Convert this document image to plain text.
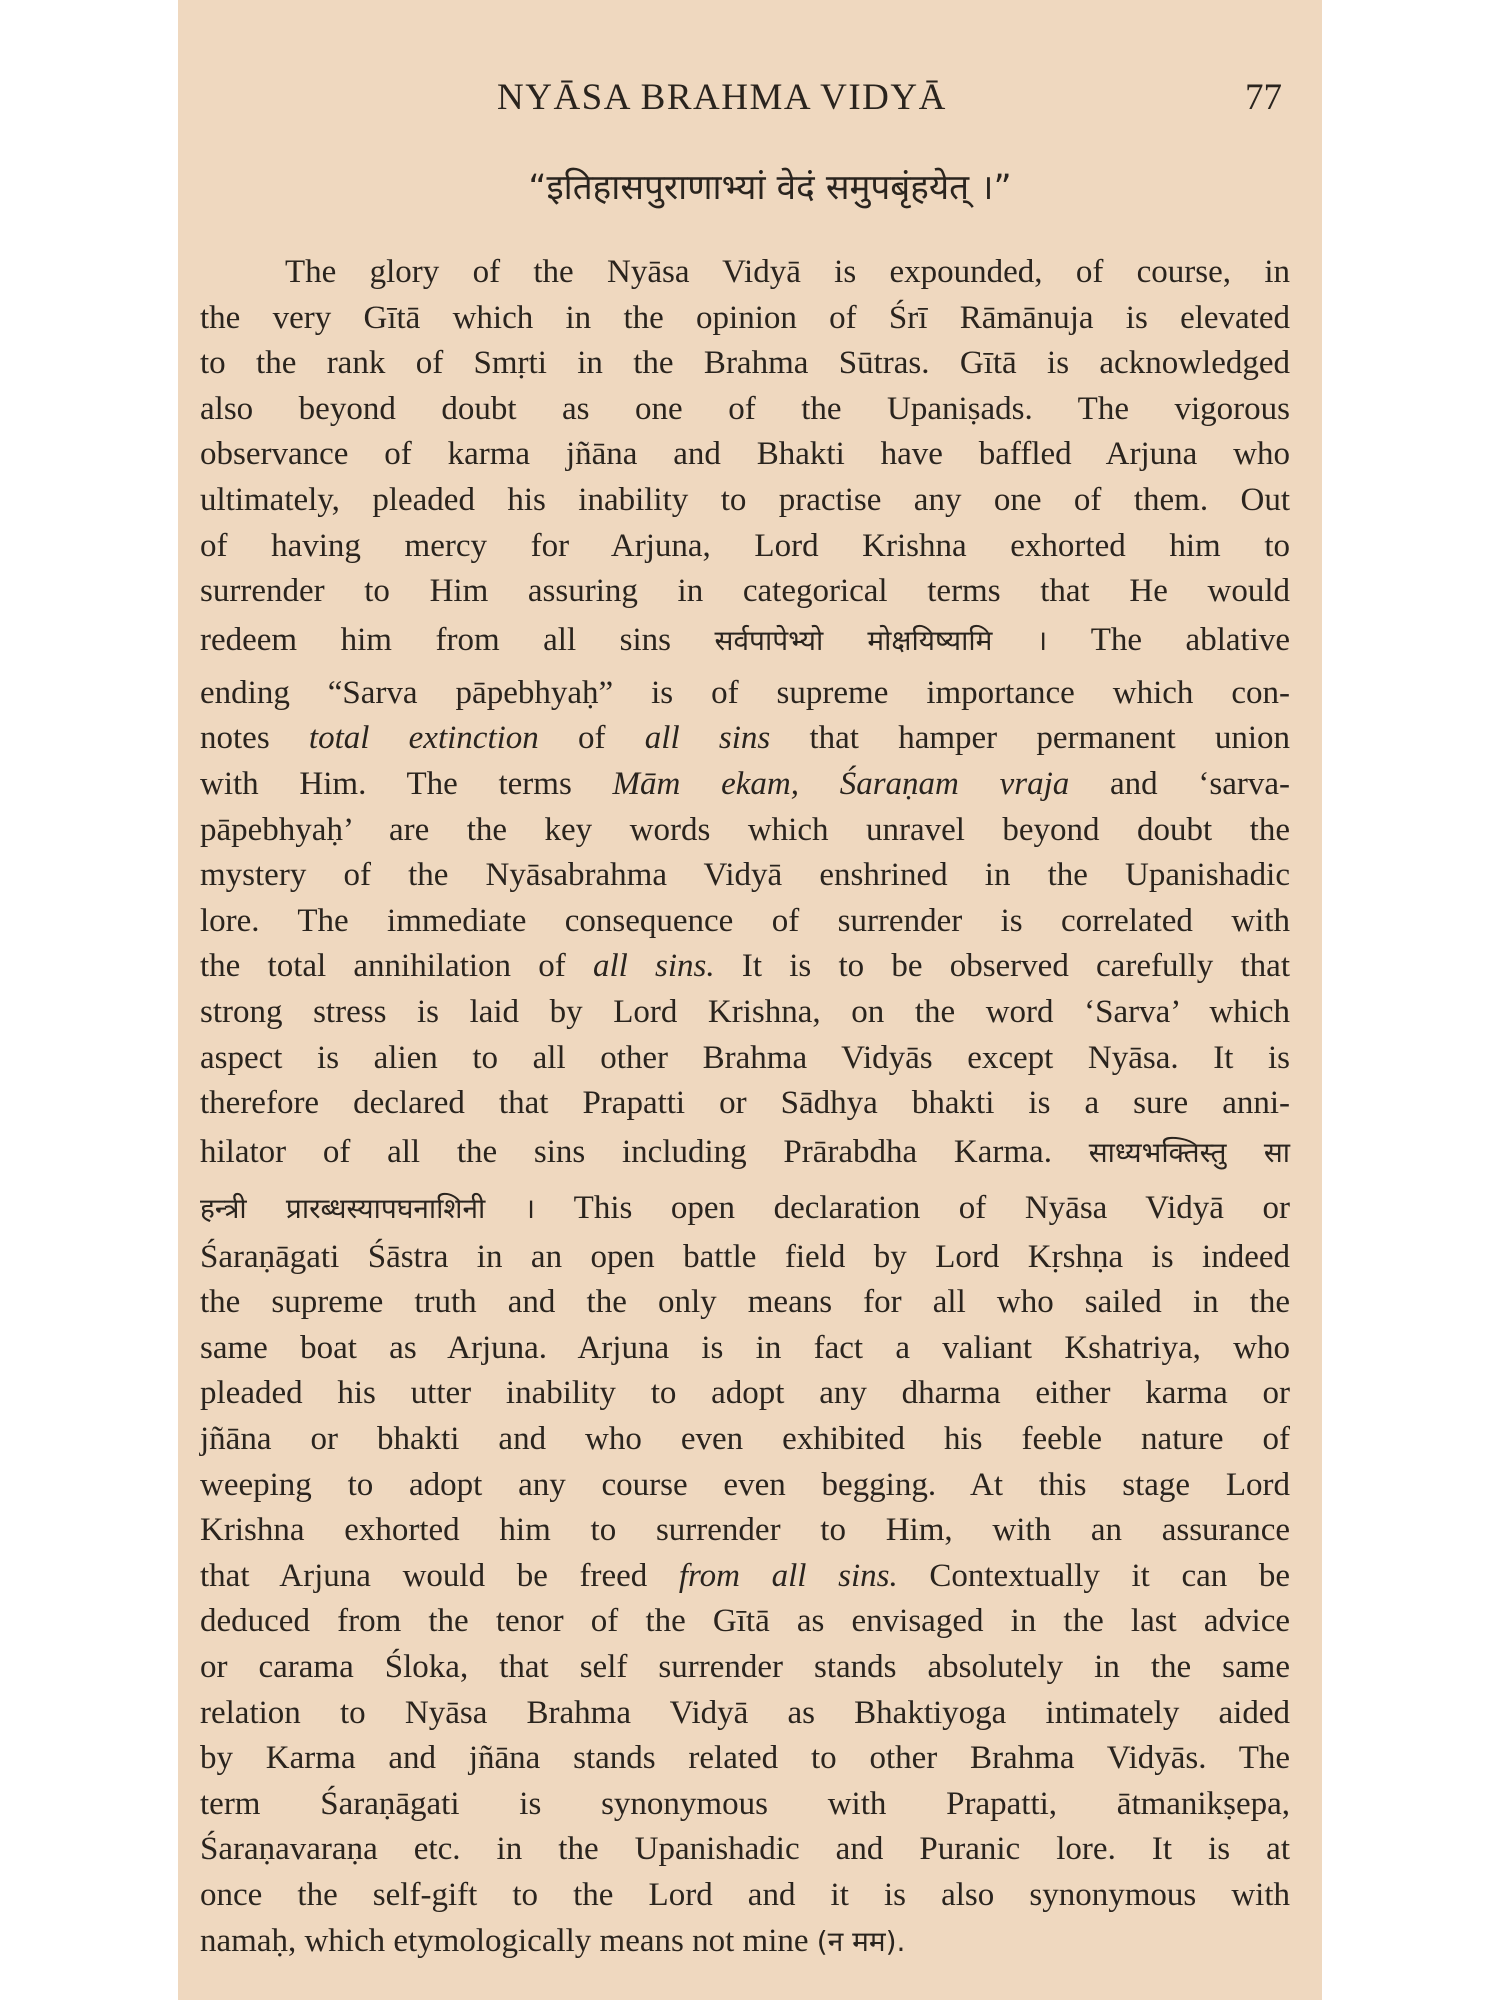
NYĀSA BRAHMA VIDYĀ	77
“इतिहासपुराणाभ्यां वेदं समुपबृंहयेत् ।”
The glory of the Nyāsa Vidyā is expounded, of course, in
the very Gītā which in the opinion of Śrī Rāmānuja is elevated
to the rank of Smṛti in the Brahma Sūtras. Gītā is acknowledged
also beyond doubt as one of the Upaniṣads. The vigorous
observance of karma jñāna and Bhakti have baffled Arjuna who
ultimately, pleaded his inability to practise any one of them. Out
of having mercy for Arjuna, Lord Krishna exhorted him to
surrender to Him assuring in categorical terms that He would
redeem him from all sins सर्वपापेभ्यो मोक्षयिष्यामि । The ablative
ending “Sarva pāpebhyaḥ” is of supreme importance which con-
notes total extinction of all sins that hamper permanent union
with Him. The terms Mām ekam, Śaraṇam vraja and ‘sarva-
pāpebhyaḥ’ are the key words which unravel beyond doubt the
mystery of the Nyāsabrahma Vidyā enshrined in the Upanishadic
lore. The immediate consequence of surrender is correlated with
the total annihilation of all sins. It is to be observed carefully that
strong stress is laid by Lord Krishna, on the word ‘Sarva’ which
aspect is alien to all other Brahma Vidyās except Nyāsa. It is
therefore declared that Prapatti or Sādhya bhakti is a sure anni-
hilator of all the sins including Prārabdha Karma. साध्यभक्तिस्तु सा
हन्त्री प्रारब्धस्यापघनाशिनी । This open declaration of Nyāsa Vidyā or
Śaraṇāgati Śāstra in an open battle field by Lord Kṛshṇa is indeed
the supreme truth and the only means for all who sailed in the
same boat as Arjuna. Arjuna is in fact a valiant Kshatriya, who
pleaded his utter inability to adopt any dharma either karma or
jñāna or bhakti and who even exhibited his feeble nature of
weeping to adopt any course even begging. At this stage Lord
Krishna exhorted him to surrender to Him, with an assurance
that Arjuna would be freed from all sins. Contextually it can be
deduced from the tenor of the Gītā as envisaged in the last advice
or carama Śloka, that self surrender stands absolutely in the same
relation to Nyāsa Brahma Vidyā as Bhaktiyoga intimately aided
by Karma and jñāna stands related to other Brahma Vidyās. The
term Śaraṇāgati is synonymous with Prapatti, ātmanikṣepa,
Śaraṇavaraṇa etc. in the Upanishadic and Puranic lore. It is at
once the self-gift to the Lord and it is also synonymous with
namaḥ, which etymologically means not mine (न मम).
